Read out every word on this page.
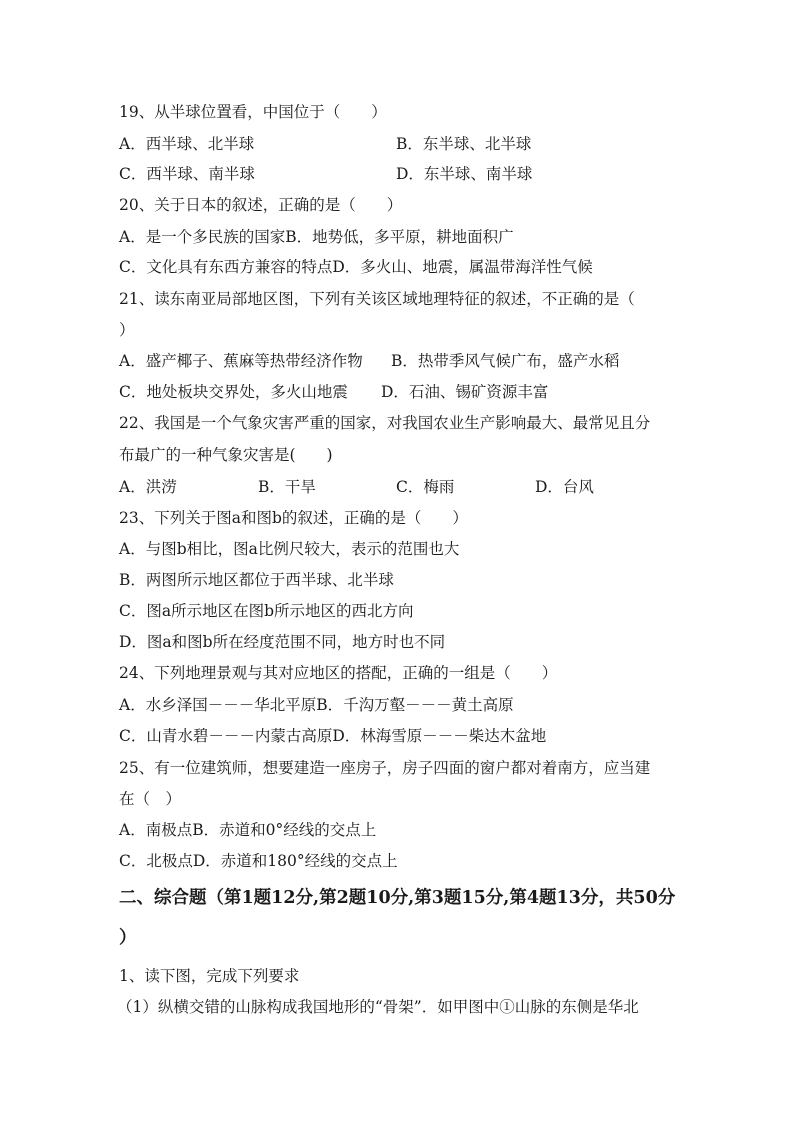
19、从半球位置看，中国位于（　　）
A．西半球、北半球	B．东半球、北半球
C．西半球、南半球	D．东半球、南半球
20、关于日本的叙述，正确的是（　　）
A．是一个多民族的国家B．地势低，多平原，耕地面积广
C．文化具有东西方兼容的特点D．多火山、地震，属温带海洋性气候
21、读东南亚局部地区图，下列有关该区域地理特征的叙述，不正确的是（
）
A．盛产椰子、蕉麻等热带经济作物 B．热带季风气候广布，盛产水稻
C．地处板块交界处，多火山地震 D．石油、锡矿资源丰富
22、我国是一个气象灾害严重的国家，对我国农业生产影响最大、最常见且分
布最广的一种气象灾害是(　　)
A．洪涝	B．干旱	C．梅雨	D．台风
23、下列关于图a和图b的叙述，正确的是（　　）
A．与图b相比，图a比例尺较大，表示的范围也大
B．两图所示地区都位于西半球、北半球
C．图a所示地区在图b所示地区的西北方向
D．图a和图b所在经度范围不同，地方时也不同
24、下列地理景观与其对应地区的搭配，正确的一组是（　　）
A．水乡泽国－－－华北平原B．千沟万壑－－－黄土高原
C．山青水碧－－－内蒙古高原D．林海雪原－－－柴达木盆地
25、有一位建筑师，想要建造一座房子，房子四面的窗户都对着南方，应当建
在（　）
A．南极点B．赤道和0°经线的交点上
C．北极点D．赤道和180°经线的交点上
二、综合题（第1题12分,第2题10分,第3题15分,第4题13分，共50分
）
1、读下图，完成下列要求
（1）纵横交错的山脉构成我国地形的“骨架”．如甲图中①山脉的东侧是华北
